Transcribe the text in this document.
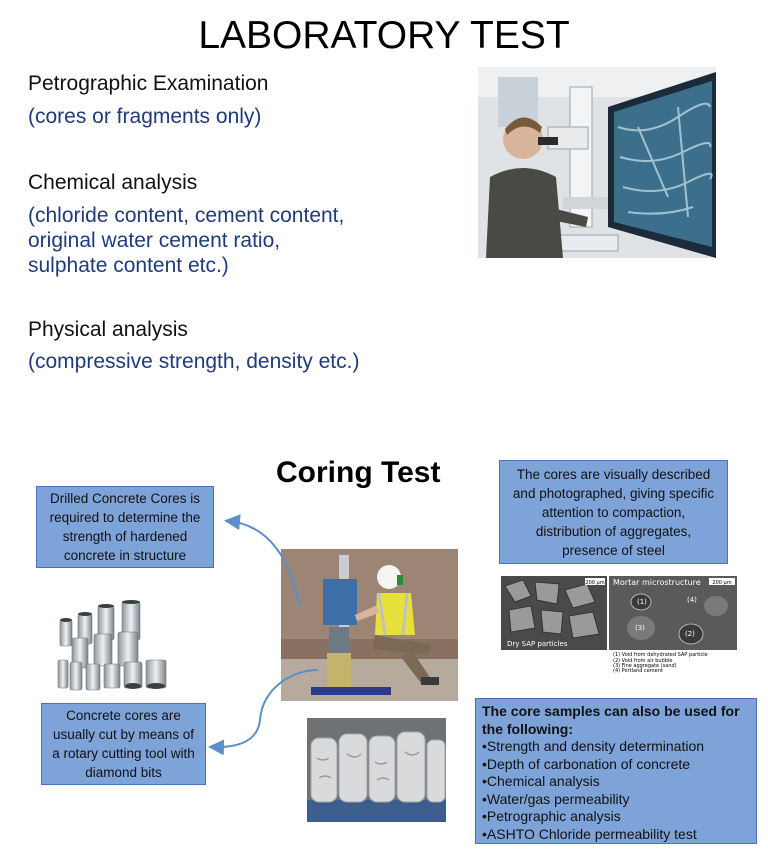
LABORATORY TEST
Petrographic Examination
(cores or fragments only)
Chemical analysis
(chloride content, cement content,
original water cement ratio,
sulphate content etc.)
Physical analysis
(compressive strength, density etc.)
Coring Test
Drilled Concrete Cores is required to determine the strength of hardened concrete in structure
Concrete cores are usually cut by means of a rotary cutting tool with diamond bits
The cores are visually described and photographed, giving specific attention to compaction, distribution of aggregates, presence of steel
The core samples can also be used for the following:
• Strength and density determination
• Depth of carbonation of concrete
• Chemical analysis
• Water/gas permeability
• Petrographic analysis
• ASHTO Chloride permeability test
200 µm
Dry SAP particles
200 µm
Mortar microstructure
(1)	(4)
(3)
(2)
(1) Void from dehydrated SAP particle
(2) Void from air bubble
(3) Fine aggregate (sand)
(4) Portland cement
